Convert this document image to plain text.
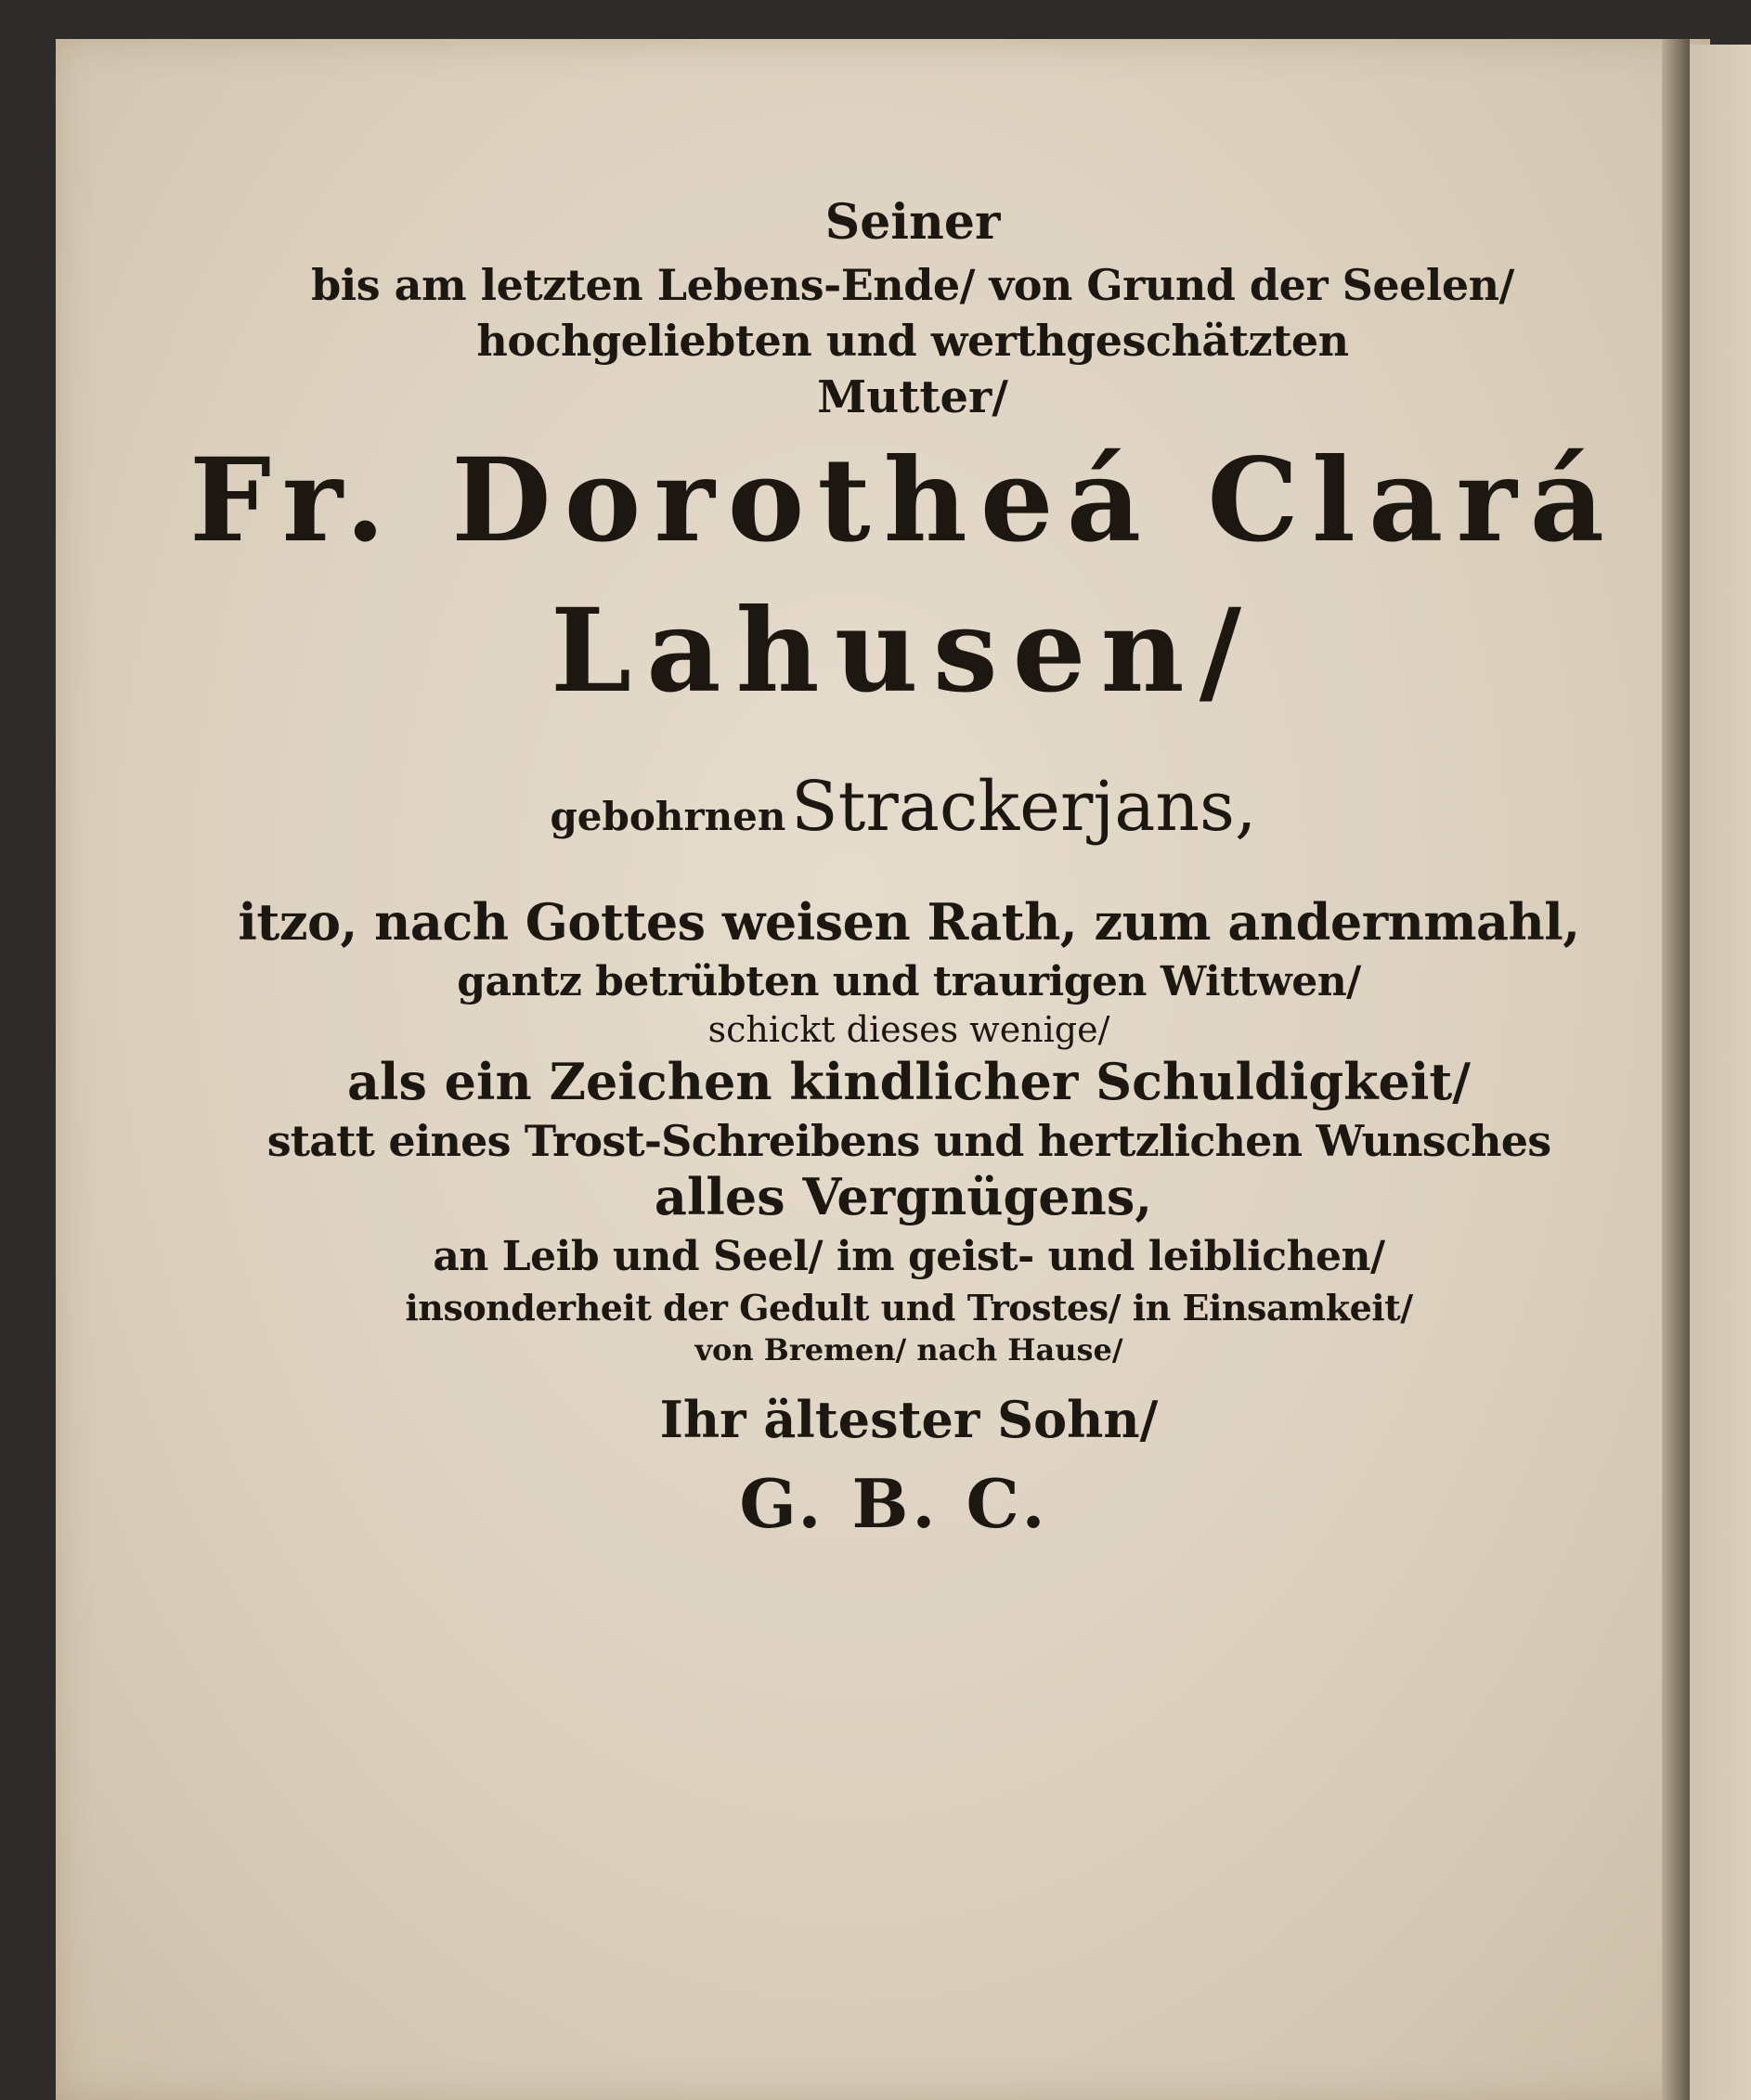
Seiner
bis am letzten Lebens-Ende/ von Grund der Seelen/
hochgeliebten und werthgeschätzten
Mutter/
Fr. Dorotheá Clará
Lahusen/
gebohrnen Strackerjans,
itzo, nach Gottes weisen Rath, zum andernmahl,
gantz betrübten und traurigen Wittwen/
schickt dieses wenige/
als ein Zeichen kindlicher Schuldigkeit/
statt eines Trost-Schreibens und hertzlichen Wunsches
alles Vergnügens,
an Leib und Seel/ im geist- und leiblichen/
insonderheit der Gedult und Trostes/ in Einsamkeit/
von Bremen/ nach Hause/
Ihr ältester Sohn/
G. B. C.
